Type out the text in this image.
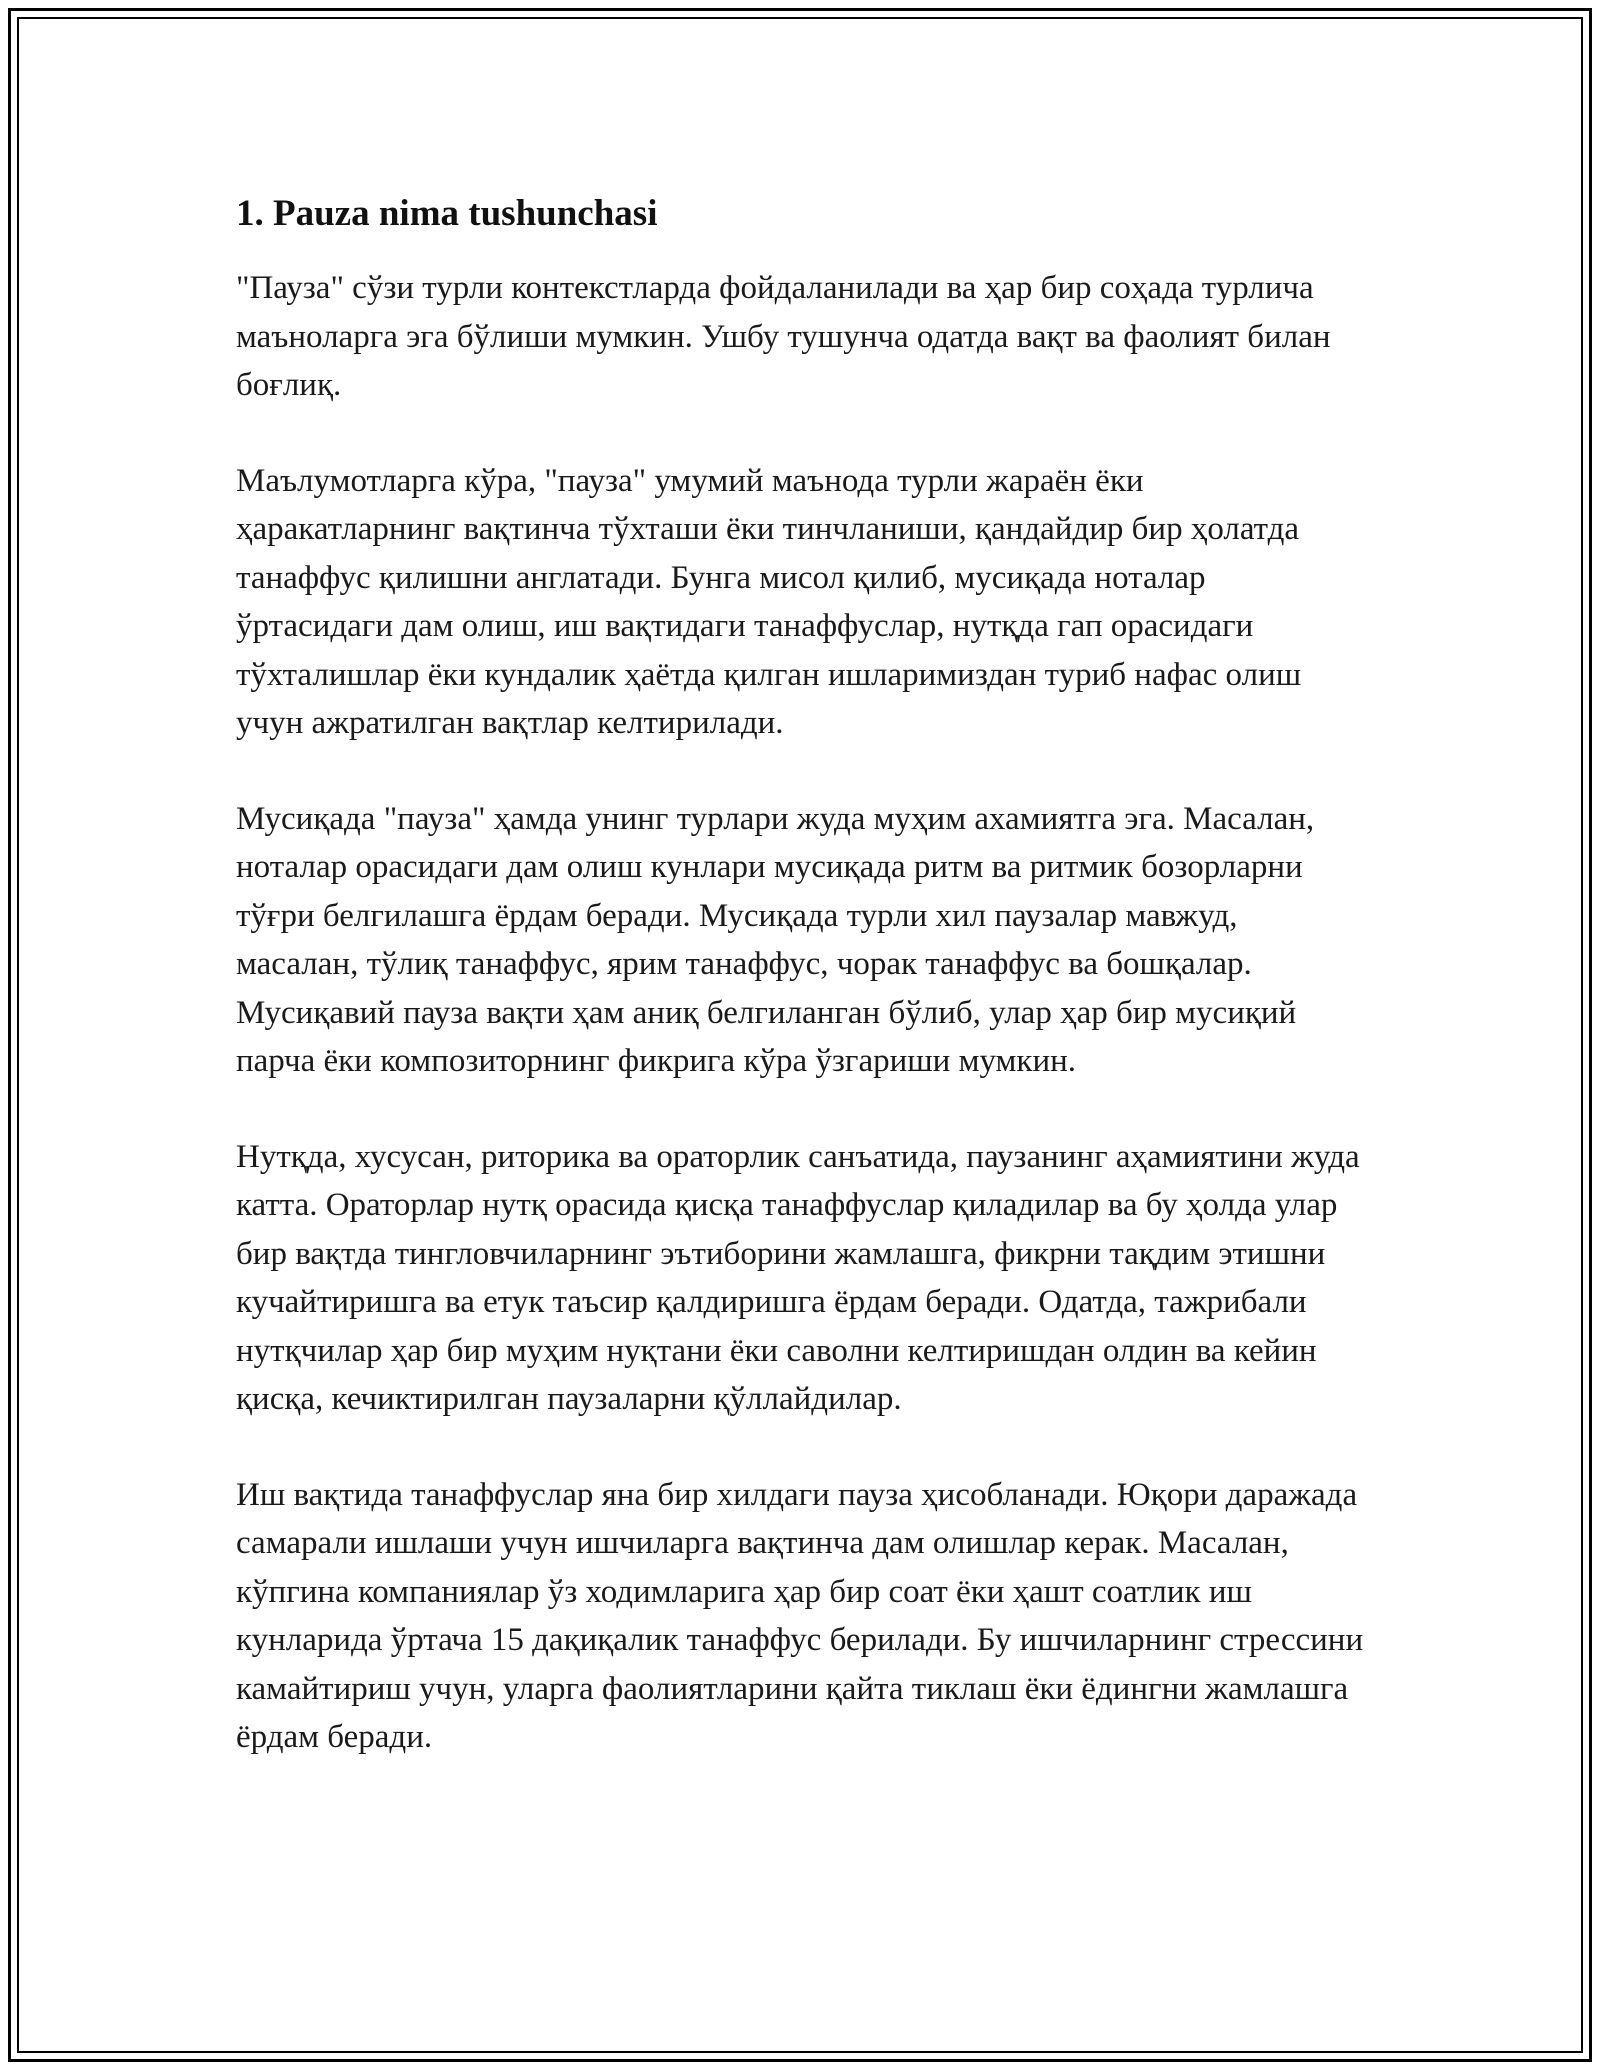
1. Pauza nima tushunchasi

"Пауза" сўзи турли контекстларда фойдаланилади ва ҳар бир соҳада турлича маъноларга эга бўлиши мумкин. Ушбу тушунча одатда вақт ва фаолият билан боғлиқ.

Маълумотларга кўра, "пауза" умумий маънода турли жараён ёки ҳаракатларнинг вақтинча тўхташи ёки тинчланиши, қандайдир бир ҳолатда танаффус қилишни англатади. Бунга мисол қилиб, мусиқада ноталар ўртасидаги дам олиш, иш вақтидаги танаффуслар, нутқда гап орасидаги тўхталишлар ёки кундалик ҳаётда қилган ишларимиздан туриб нафас олиш учун ажратилган вақтлар келтирилади.

Мусиқада "пауза" ҳамда унинг турлари жуда муҳим ахамиятга эга. Масалан, ноталар орасидаги дам олиш кунлари мусиқада ритм ва ритмик бозорларни тўғри белгилашга ёрдам беради. Мусиқада турли хил паузалар мавжуд, масалан, тўлиқ танаффус, ярим танаффус, чорак танаффус ва бошқалар. Мусиқавий пауза вақти ҳам аниқ белгиланган бўлиб, улар ҳар бир мусиқий парча ёки композиторнинг фикрига кўра ўзгариши мумкин.

Нутқда, хусусан, риторика ва ораторлик санъатида, паузанинг аҳамиятини жуда катта. Ораторлар нутқ орасида қисқа танаффуслар қиладилар ва бу ҳолда улар бир вақтда тингловчиларнинг эътиборини жамлашга, фикрни тақдим этишни кучайтиришга ва етук таъсир қалдиришга ёрдам беради. Одатда, тажрибали нутқчилар ҳар бир муҳим нуқтани ёки саволни келтиришдан олдин ва кейин қисқа, кечиктирилган паузаларни қўллайдилар.

Иш вақтида танаффуслар яна бир хилдаги пауза ҳисобланади. Юқори даражада самарали ишлаши учун ишчиларга вақтинча дам олишлар керак. Масалан, кўпгина компаниялар ўз ходимларига ҳар бир соат ёки ҳашт соатлик иш кунларида ўртача 15 дақиқалик танаффус берилади. Бу ишчиларнинг стрессини камайтириш учун, уларга фаолиятларини қайта тиклаш ёки ёдингни жамлашга ёрдам беради.
